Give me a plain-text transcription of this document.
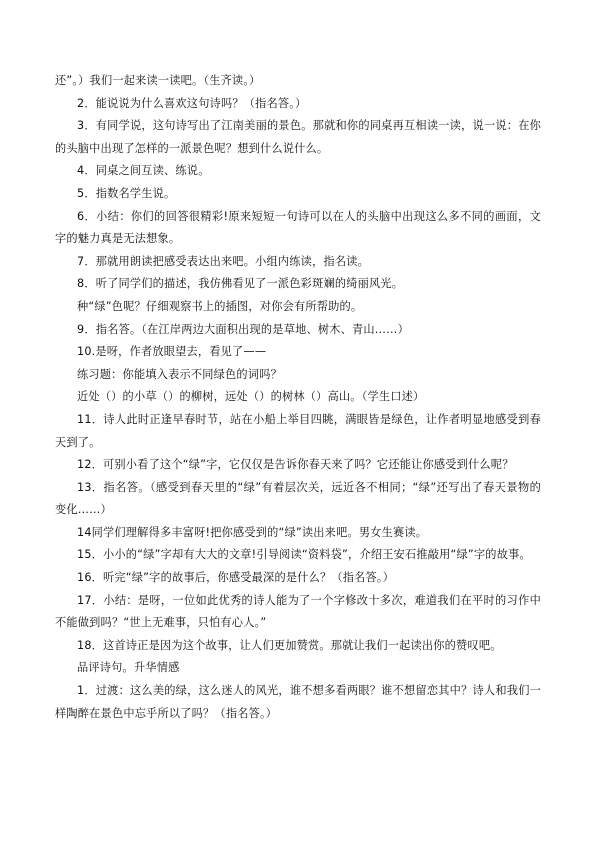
还”。）我们一起来读一读吧。（生齐读。）

2．能说说为什么喜欢这句诗吗？（指名答。）

3．有同学说，这句诗写出了江南美丽的景色。那就和你的同桌再互相读一读，说一说：在你的头脑中出现了怎样的一派景色呢？想到什么说什么。

4．同桌之间互读、练说。

5．指数名学生说。

6．小结：你们的回答很精彩!原来短短一句诗可以在人的头脑中出现这么多不同的画面，文字的魅力真是无法想象。

7．那就用朗读把感受表达出来吧。小组内练读，指名读。

8．听了同学们的描述，我仿佛看见了一派色彩斑斓的绮丽风光。

种“绿”色呢？仔细观察书上的插图，对你会有所帮助的。

9．指名答。（在江岸两边大面积出现的是草地、树木、青山……）

10.是呀，作者放眼望去，看见了——

练习题：你能填入表示不同绿色的词吗？

近处（）的小草（）的柳树，远处（）的树林（）高山。（学生口述）

11．诗人此时正逢早春时节，站在小船上举目四眺，满眼皆是绿色，让作者明显地感受到春天到了。

12．可别小看了这个“绿”字，它仅仅是告诉你春天来了吗？它还能让你感受到什么呢？

13．指名答。（感受到春天里的“绿”有着层次关，远近各不相同；“绿”还写出了春天景物的变化……）

14同学们理解得多丰富呀!把你感受到的“绿”读出来吧。男女生赛读。

15．小小的“绿”字却有大大的文章!引导阅读“资料袋”，介绍王安石推敲用“绿”字的故事。

16．听完“绿”字的故事后，你感受最深的是什么？（指名答。）

17．小结：是呀，一位如此优秀的诗人能为了一个字修改十多次，难道我们在平时的习作中不能做到吗？“世上无难事，只怕有心人。”

18．这首诗正是因为这个故事，让人们更加赞赏。那就让我们一起读出你的赞叹吧。

品评诗句。升华情感

1．过渡：这么美的绿，这么迷人的风光，谁不想多看两眼？谁不想留恋其中？诗人和我们一样陶醉在景色中忘乎所以了吗？（指名答。）
